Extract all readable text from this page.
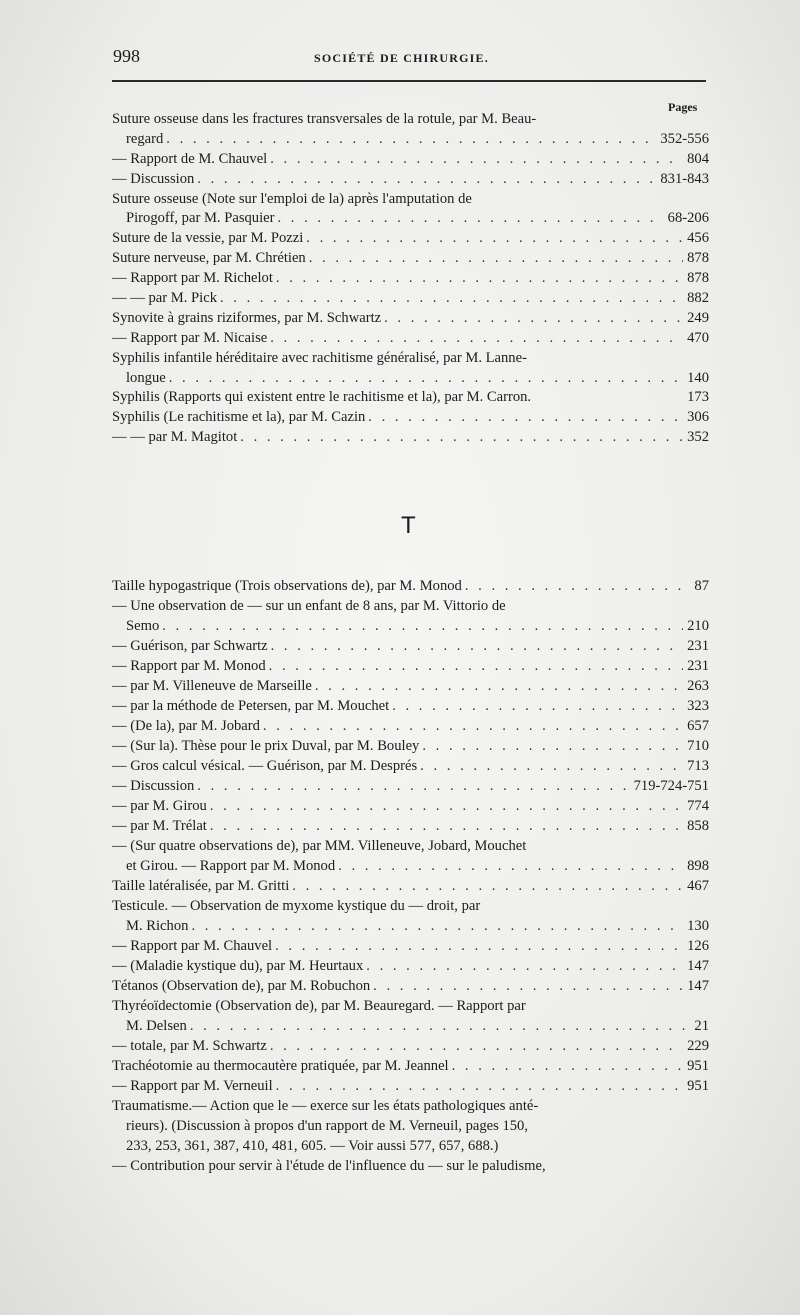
998	SOCIÉTÉ DE CHIRURGIE.
Pages
Suture osseuse dans les fractures transversales de la rotule, par M. Beau-
regard . . .	352-556
— Rapport de M. Chauvel . . .	804
— Discussion . . .	831-843
Suture osseuse (Note sur l'emploi de la) après l'amputation de
Pirogoff, par M. Pasquier . . .	68-206
Suture de la vessie, par M. Pozzi . . .	456
Suture nerveuse, par M. Chrétien . . .	878
— Rapport par M. Richelot . . .	878
— — par M. Pick . . .	882
Synovite à grains riziformes, par M. Schwartz . . .	249
— Rapport par M. Nicaise . . .	470
Syphilis infantile héréditaire avec rachitisme généralisé, par M. Lanne-
longue . . .	140
Syphilis (Rapports qui existent entre le rachitisme et la), par M. Carron.	173
Syphilis (Le rachitisme et la), par M. Cazin . . .	306
— — par M. Magitot . . .	352
T
Taille hypogastrique (Trois observations de), par M. Monod . . .	87
— Une observation de — sur un enfant de 8 ans, par M. Vittorio de
Semo . . .	210
— Guérison, par Schwartz . . .	231
— Rapport par M. Monod . . .	231
— par M. Villeneuve de Marseille . . .	263
— par la méthode de Petersen, par M. Mouchet . . .	323
— (De la), par M. Jobard . . .	657
— (Sur la). Thèse pour le prix Duval, par M. Bouley . . .	710
— Gros calcul vésical. — Guérison, par M. Després . . .	713
— Discussion . . .	719-724-751
— par M. Girou . . .	774
— par M. Trélat . . .	858
— (Sur quatre observations de), par MM. Villeneuve, Jobard, Mouchet
et Girou. — Rapport par M. Monod . . .	898
Taille latéralisée, par M. Gritti . . .	467
Testicule. — Observation de myxome kystique du — droit, par
M. Richon . . .	130
— Rapport par M. Chauvel . . .	126
— (Maladie kystique du), par M. Heurtaux . . .	147
Tétanos (Observation de), par M. Robuchon . . .	147
Thyréoïdectomie (Observation de), par M. Beauregard. — Rapport par
M. Delsen . . .	21
— totale, par M. Schwartz . . .	229
Trachéotomie au thermocautère pratiquée, par M. Jeannel . . .	951
— Rapport par M. Verneuil . . .	951
Traumatisme.— Action que le — exerce sur les états pathologiques anté-
rieurs). (Discussion à propos d'un rapport de M. Verneuil, pages 150,
233, 253, 361, 387, 410, 481, 605. — Voir aussi 577, 657, 688.)
— Contribution pour servir à l'étude de l'influence du — sur le paludisme,
